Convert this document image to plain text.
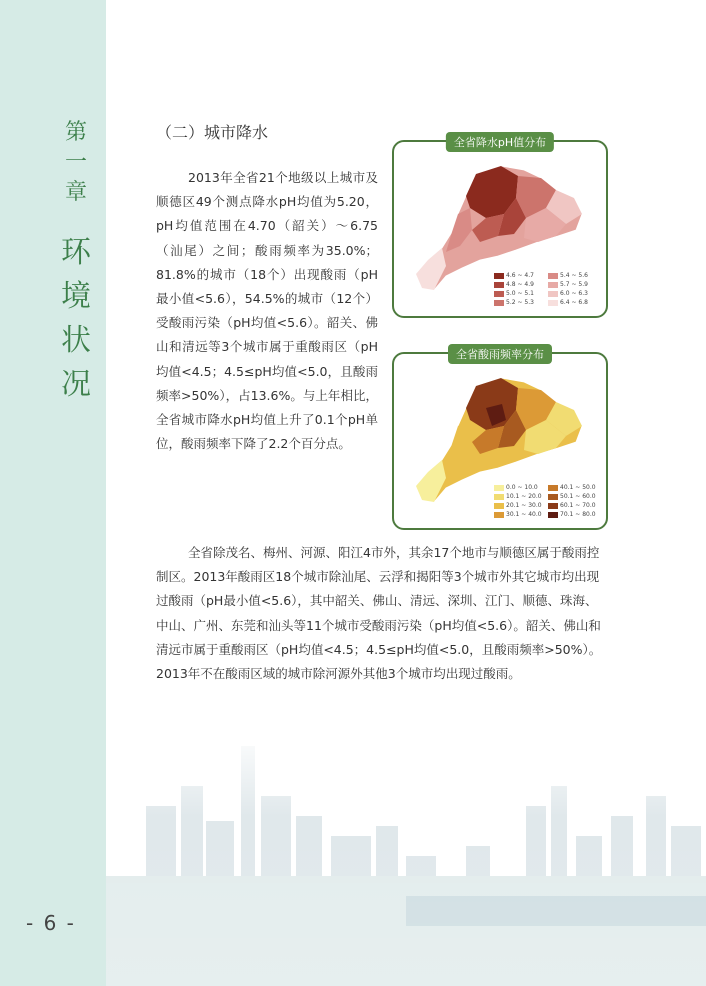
第
一
章
环
境
状
况
- 6 -
（二）城市降水

2013年全省21个地级以上城市及顺德区49个测点降水pH均值为5.20，pH均值范围在4.70（韶关）～6.75（汕尾）之间；酸雨频率为35.0%；81.8%的城市（18个）出现酸雨（pH最小值<5.6），54.5%的城市（12个）受酸雨污染（pH均值<5.6）。韶关、佛山和清远等3个城市属于重酸雨区（pH均值<4.5；4.5≤pH均值<5.0，且酸雨频率>50%），占13.6%。与上年相比，全省城市降水pH均值上升了0.1个pH单位，酸雨频率下降了2.2个百分点。

全省除茂名、梅州、河源、阳江4市外，其余17个地市与顺德区属于酸雨控制区。2013年酸雨区18个城市除汕尾、云浮和揭阳等3个城市外其它城市均出现过酸雨（pH最小值<5.6），其中韶关、佛山、清远、深圳、江门、顺德、珠海、中山、广州、东莞和汕头等11个城市受酸雨污染（pH均值<5.6）。韶关、佛山和清远市属于重酸雨区（pH均值<4.5；4.5≤pH均值<5.0，且酸雨频率>50%）。2013年不在酸雨区域的城市除河源外其他3个城市均出现过酸雨。

全省降水pH值分布
4.6 ~ 4.7	5.4 ~ 5.6
4.8 ~ 4.9	5.7 ~ 5.9
5.0 ~ 5.1	6.0 ~ 6.3
5.2 ~ 5.3	6.4 ~ 6.8
全省酸雨频率分布
0.0 ~ 10.0	40.1 ~ 50.0
10.1 ~ 20.0	50.1 ~ 60.0
20.1 ~ 30.0	60.1 ~ 70.0
30.1 ~ 40.0	70.1 ~ 80.0
